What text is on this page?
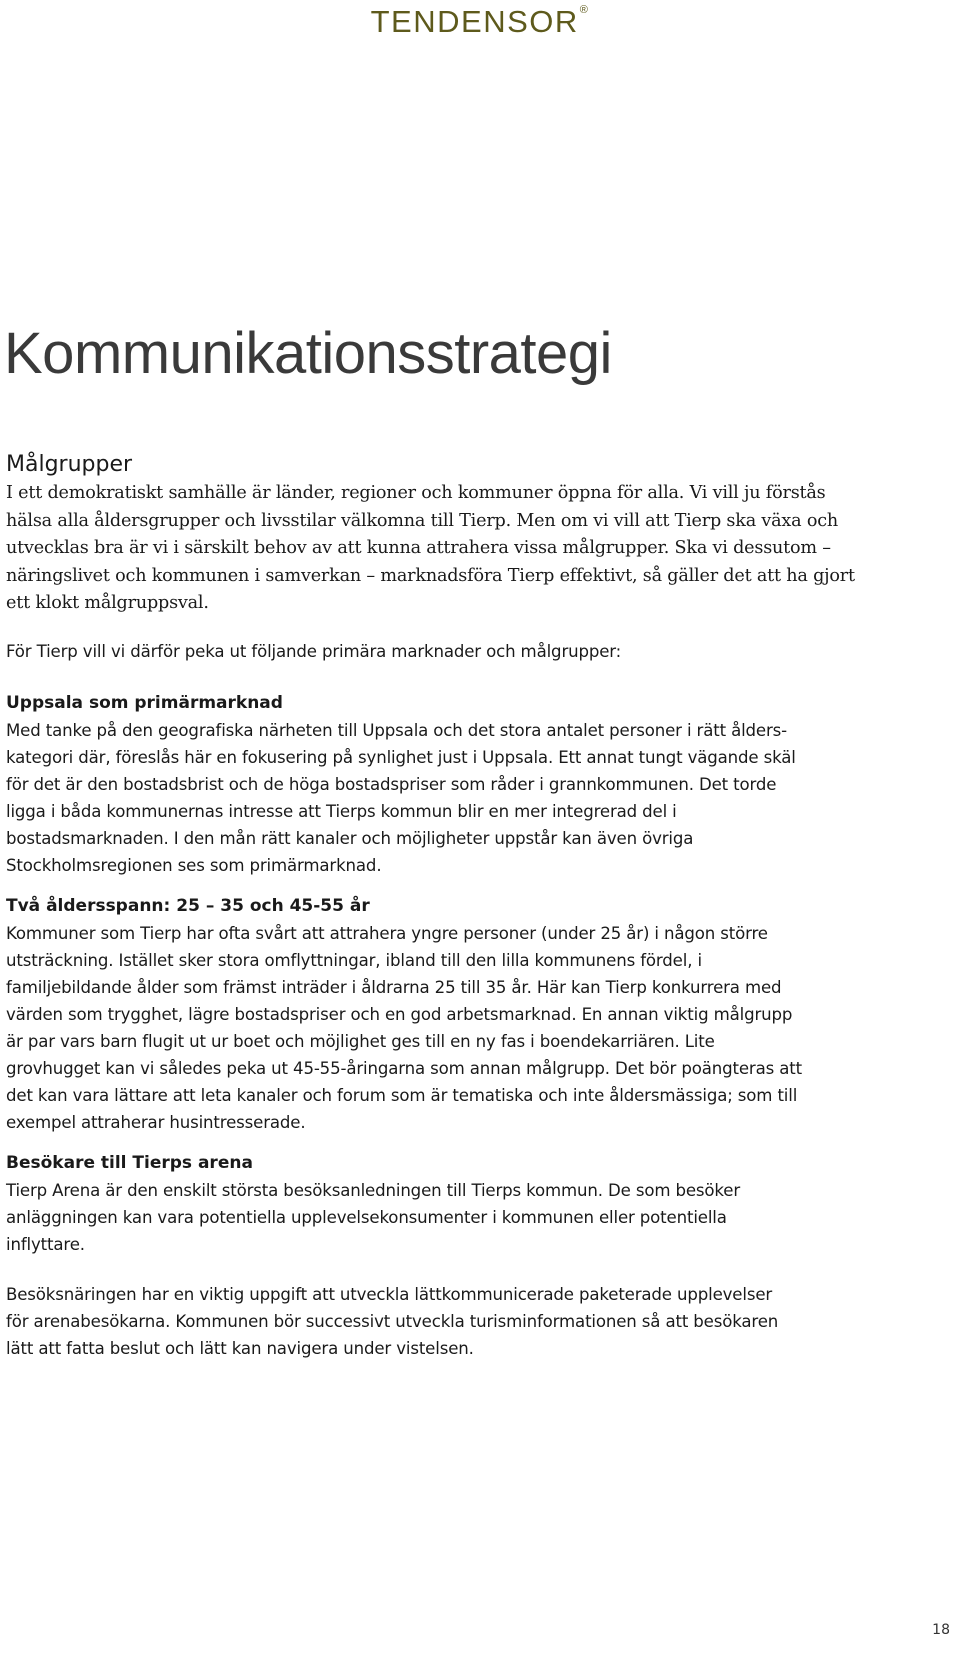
TENDENSOR®
Kommunikationsstrategi
Målgrupper

I ett demokratiskt samhälle är länder, regioner och kommuner öppna för alla. Vi vill ju förstås

hälsa alla åldersgrupper och livsstilar välkomna till Tierp. Men om vi vill att Tierp ska växa och

utvecklas bra är vi i särskilt behov av att kunna attrahera vissa målgrupper. Ska vi dessutom –

näringslivet och kommunen i samverkan – marknadsföra Tierp effektivt, så gäller det att ha gjort

ett klokt målgruppsval.

För Tierp vill vi därför peka ut följande primära marknader och målgrupper:

Uppsala som primärmarknad

Med tanke på den geografiska närheten till Uppsala och det stora antalet personer i rätt ålders-

kategori där, föreslås här en fokusering på synlighet just i Uppsala. Ett annat tungt vägande skäl

för det är den bostadsbrist och de höga bostadspriser som råder i grannkommunen. Det torde

ligga i båda kommunernas intresse att Tierps kommun blir en mer integrerad del i

bostadsmarknaden. I den mån rätt kanaler och möjligheter uppstår kan även övriga

Stockholmsregionen ses som primärmarknad.

Två åldersspann: 25 – 35 och 45-55 år

Kommuner som Tierp har ofta svårt att attrahera yngre personer (under 25 år) i någon större

utsträckning. Istället sker stora omflyttningar, ibland till den lilla kommunens fördel, i

familjebildande ålder som främst inträder i åldrarna 25 till 35 år. Här kan Tierp konkurrera med

värden som trygghet, lägre bostadspriser och en god arbetsmarknad. En annan viktig målgrupp

är par vars barn flugit ut ur boet och möjlighet ges till en ny fas i boendekarriären. Lite

grovhugget kan vi således peka ut 45-55-åringarna som annan målgrupp. Det bör poängteras att

det kan vara lättare att leta kanaler och forum som är tematiska och inte åldersmässiga; som till

exempel attraherar husintresserade.

Besökare till Tierps arena

Tierp Arena är den enskilt största besöksanledningen till Tierps kommun. De som besöker

anläggningen kan vara potentiella upplevelsekonsumenter i kommunen eller potentiella

inflyttare.

Besöksnäringen har en viktig uppgift att utveckla lättkommunicerade paketerade upplevelser

för arenabesökarna. Kommunen bör successivt utveckla turisminformationen så att besökaren

lätt att fatta beslut och lätt kan navigera under vistelsen.

18
